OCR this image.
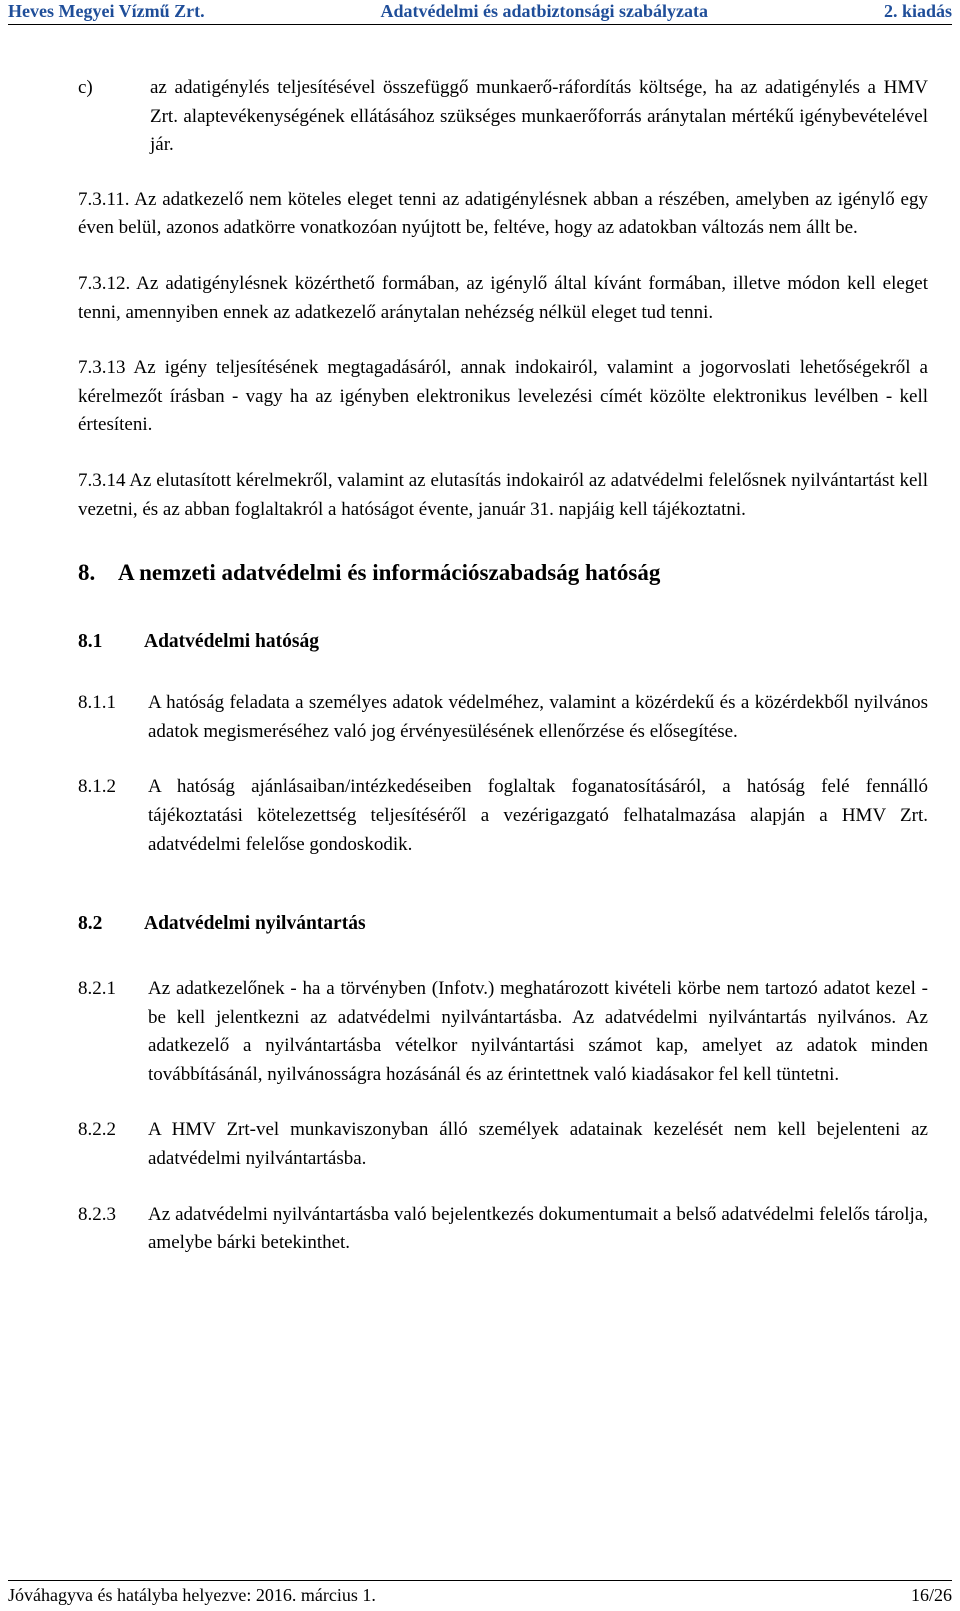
Heves Megyei Vízmű Zrt.	Adatvédelmi és adatbiztonsági szabályzata	2. kiadás

c)	az adatigénylés teljesítésével összefüggő munkaerő-ráfordítás költsége, ha az adatigénylés a HMV Zrt. alaptevékenységének ellátásához szükséges munkaerőforrás aránytalan mértékű igénybevételével jár.

7.3.11. Az adatkezelő nem köteles eleget tenni az adatigénylésnek abban a részében, amelyben az igénylő egy éven belül, azonos adatkörre vonatkozóan nyújtott be, feltéve, hogy az adatokban változás nem állt be.

7.3.12. Az adatigénylésnek közérthető formában, az igénylő által kívánt formában, illetve módon kell eleget tenni, amennyiben ennek az adatkezelő aránytalan nehézség nélkül eleget tud tenni.

7.3.13 Az igény teljesítésének megtagadásáról, annak indokairól, valamint a jogorvoslati lehetőségekről a kérelmezőt írásban - vagy ha az igényben elektronikus levelezési címét közölte elektronikus levélben - kell értesíteni.

7.3.14 Az elutasított kérelmekről, valamint az elutasítás indokairól az adatvédelmi felelősnek nyilvántartást kell vezetni, és az abban foglaltakról a hatóságot évente, január 31. napjáig kell tájékoztatni.

8. A nemzeti adatvédelmi és információszabadság hatóság
8.1	Adatvédelmi hatóság
8.1.1 A hatóság feladata a személyes adatok védelméhez, valamint a közérdekű és a közérdekből nyilvános adatok megismeréséhez való jog érvényesülésének ellenőrzése és elősegítése.
8.1.2 A hatóság ajánlásaiban/intézkedéseiben foglaltak foganatosításáról, a hatóság felé fennálló tájékoztatási kötelezettség teljesítéséről a vezérigazgató felhatalmazása alapján a HMV Zrt. adatvédelmi felelőse gondoskodik.
8.2	Adatvédelmi nyilvántartás
8.2.1 Az adatkezelőnek - ha a törvényben (Infotv.) meghatározott kivételi körbe nem tartozó adatot kezel - be kell jelentkezni az adatvédelmi nyilvántartásba. Az adatvédelmi nyilvántartás nyilvános. Az adatkezelő a nyilvántartásba vételkor nyilvántartási számot kap, amelyet az adatok minden továbbításánál, nyilvánosságra hozásánál és az érintettnek való kiadásakor fel kell tüntetni.
8.2.2 A HMV Zrt-vel munkaviszonyban álló személyek adatainak kezelését nem kell bejelenteni az adatvédelmi nyilvántartásba.
8.2.3 Az adatvédelmi nyilvántartásba való bejelentkezés dokumentumait a belső adatvédelmi felelős tárolja, amelybe bárki betekinthet.
Jóváhagyva és hatályba helyezve: 2016. március 1.	16/26
